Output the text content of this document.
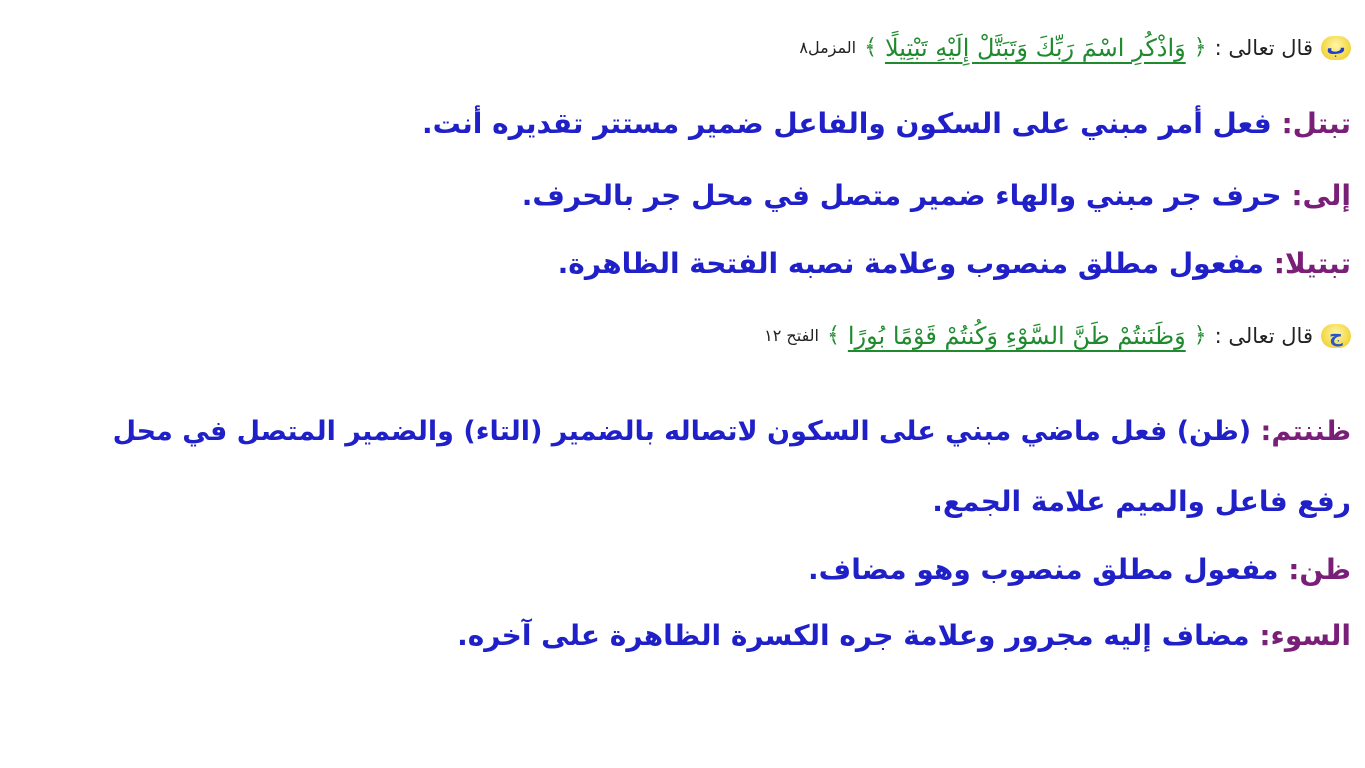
ب
قال تعالى :
﴿
وَاذْكُرِ اسْمَ رَبِّكَ وَتَبَتَّلْ إِلَيْهِ تَبْتِيلًا
﴾
المزمل٨
تبتل: فعل أمر مبني على السكون والفاعل ضمير مستتر تقديره أنت.
إلى: حرف جر مبني والهاء ضمير متصل في محل جر بالحرف.
تبتيلا: مفعول مطلق منصوب وعلامة نصبه الفتحة الظاهرة.
ج
قال تعالى :
﴿
وَظَنَنتُمْ ظَنَّ السَّوْءِ وَكُنتُمْ قَوْمًا بُورًا
﴾
الفتح ١٢
ظننتم: (ظن) فعل ماضي مبني على السكون لاتصاله بالضمير (التاء) والضمير المتصل في محل
رفع فاعل والميم علامة الجمع.
ظن: مفعول مطلق منصوب وهو مضاف.
السوء: مضاف إليه مجرور وعلامة جره الكسرة الظاهرة على آخره.
